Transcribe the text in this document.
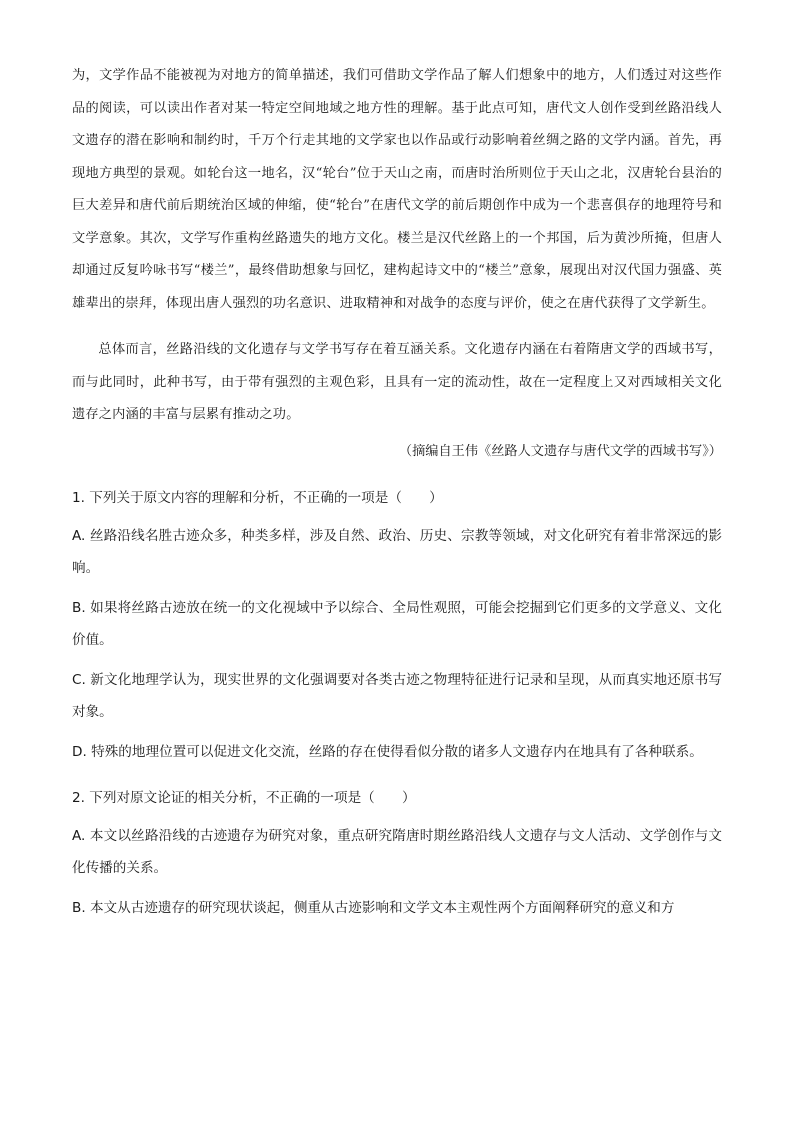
为，文学作品不能被视为对地方的简单描述，我们可借助文学作品了解人们想象中的地方，人们透过对这些作品的阅读，可以读出作者对某一特定空间地域之地方性的理解。基于此点可知，唐代文人创作受到丝路沿线人文遗存的潜在影响和制约时，千万个行走其地的文学家也以作品或行动影响着丝绸之路的文学内涵。首先，再现地方典型的景观。如轮台这一地名，汉“轮台”位于天山之南，而唐时治所则位于天山之北，汉唐轮台县治的巨大差异和唐代前后期统治区域的伸缩，使“轮台”在唐代文学的前后期创作中成为一个悲喜俱存的地理符号和文学意象。其次，文学写作重构丝路遗失的地方文化。楼兰是汉代丝路上的一个邦国，后为黄沙所掩，但唐人却通过反复吟咏书写“楼兰”，最终借助想象与回忆，建构起诗文中的“楼兰”意象，展现出对汉代国力强盛、英雄辈出的崇拜，体现出唐人强烈的功名意识、进取精神和对战争的态度与评价，使之在唐代获得了文学新生。

总体而言，丝路沿线的文化遗存与文学书写存在着互涵关系。文化遗存内涵在右着隋唐文学的西域书写，而与此同时，此种书写，由于带有强烈的主观色彩，且具有一定的流动性，故在一定程度上又对西域相关文化遗存之内涵的丰富与层累有推动之功。

（摘编自王伟《丝路人文遗存与唐代文学的西域书写》）

1. 下列关于原文内容的理解和分析，不正确的一项是（　　）

A. 丝路沿线名胜古迹众多，种类多样，涉及自然、政治、历史、宗教等领域，对文化研究有着非常深远的影响。

B. 如果将丝路古迹放在统一的文化视域中予以综合、全局性观照，可能会挖掘到它们更多的文学意义、文化价值。

C. 新文化地理学认为，现实世界的文化强调要对各类古迹之物理特征进行记录和呈现，从而真实地还原书写对象。

D. 特殊的地理位置可以促进文化交流，丝路的存在使得看似分散的诸多人文遗存内在地具有了各种联系。

2. 下列对原文论证的相关分析，不正确的一项是（　　）

A. 本文以丝路沿线的古迹遗存为研究对象，重点研究隋唐时期丝路沿线人文遗存与文人活动、文学创作与文化传播的关系。

B. 本文从古迹遗存的研究现状谈起，侧重从古迹影响和文学文本主观性两个方面阐释研究的意义和方
